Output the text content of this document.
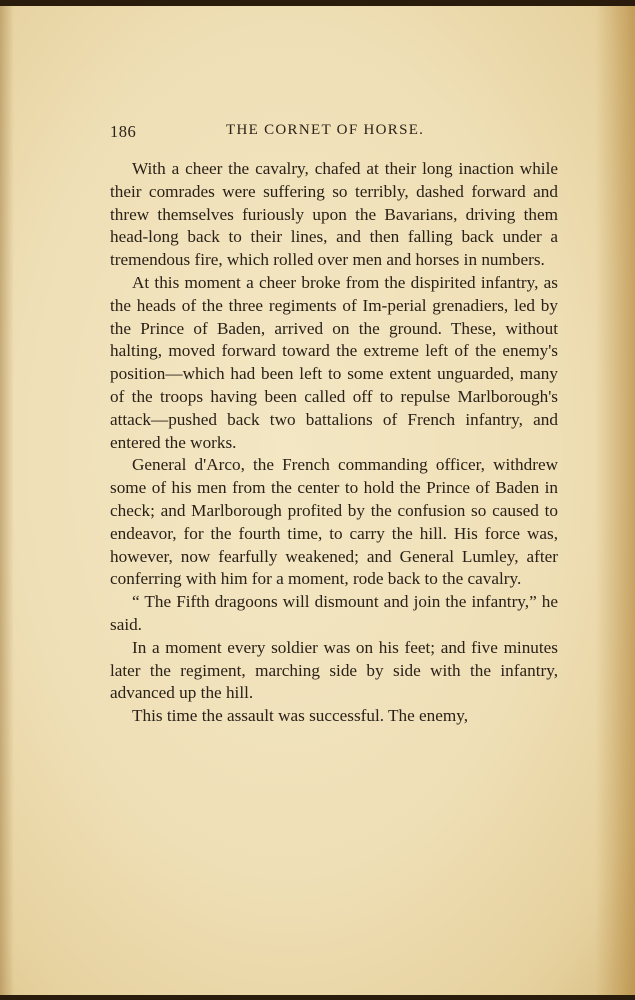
186	THE CORNET OF HORSE.

With a cheer the cavalry, chafed at their long inaction while their comrades were suffering so terribly, dashed forward and threw themselves furiously upon the Bavarians, driving them head-long back to their lines, and then falling back under a tremendous fire, which rolled over men and horses in numbers.

At this moment a cheer broke from the dispirited infantry, as the heads of the three regiments of Im-perial grenadiers, led by the Prince of Baden, arrived on the ground. These, without halting, moved forward toward the extreme left of the enemy's position—which had been left to some extent unguarded, many of the troops having been called off to repulse Marlborough's attack—pushed back two battalions of French infantry, and entered the works.

General d'Arco, the French commanding officer, withdrew some of his men from the center to hold the Prince of Baden in check; and Marlborough profited by the confusion so caused to endeavor, for the fourth time, to carry the hill. His force was, however, now fearfully weakened; and General Lumley, after conferring with him for a moment, rode back to the cavalry.

“ The Fifth dragoons will dismount and join the infantry,” he said.

In a moment every soldier was on his feet; and five minutes later the regiment, marching side by side with the infantry, advanced up the hill.

This time the assault was successful. The enemy,
